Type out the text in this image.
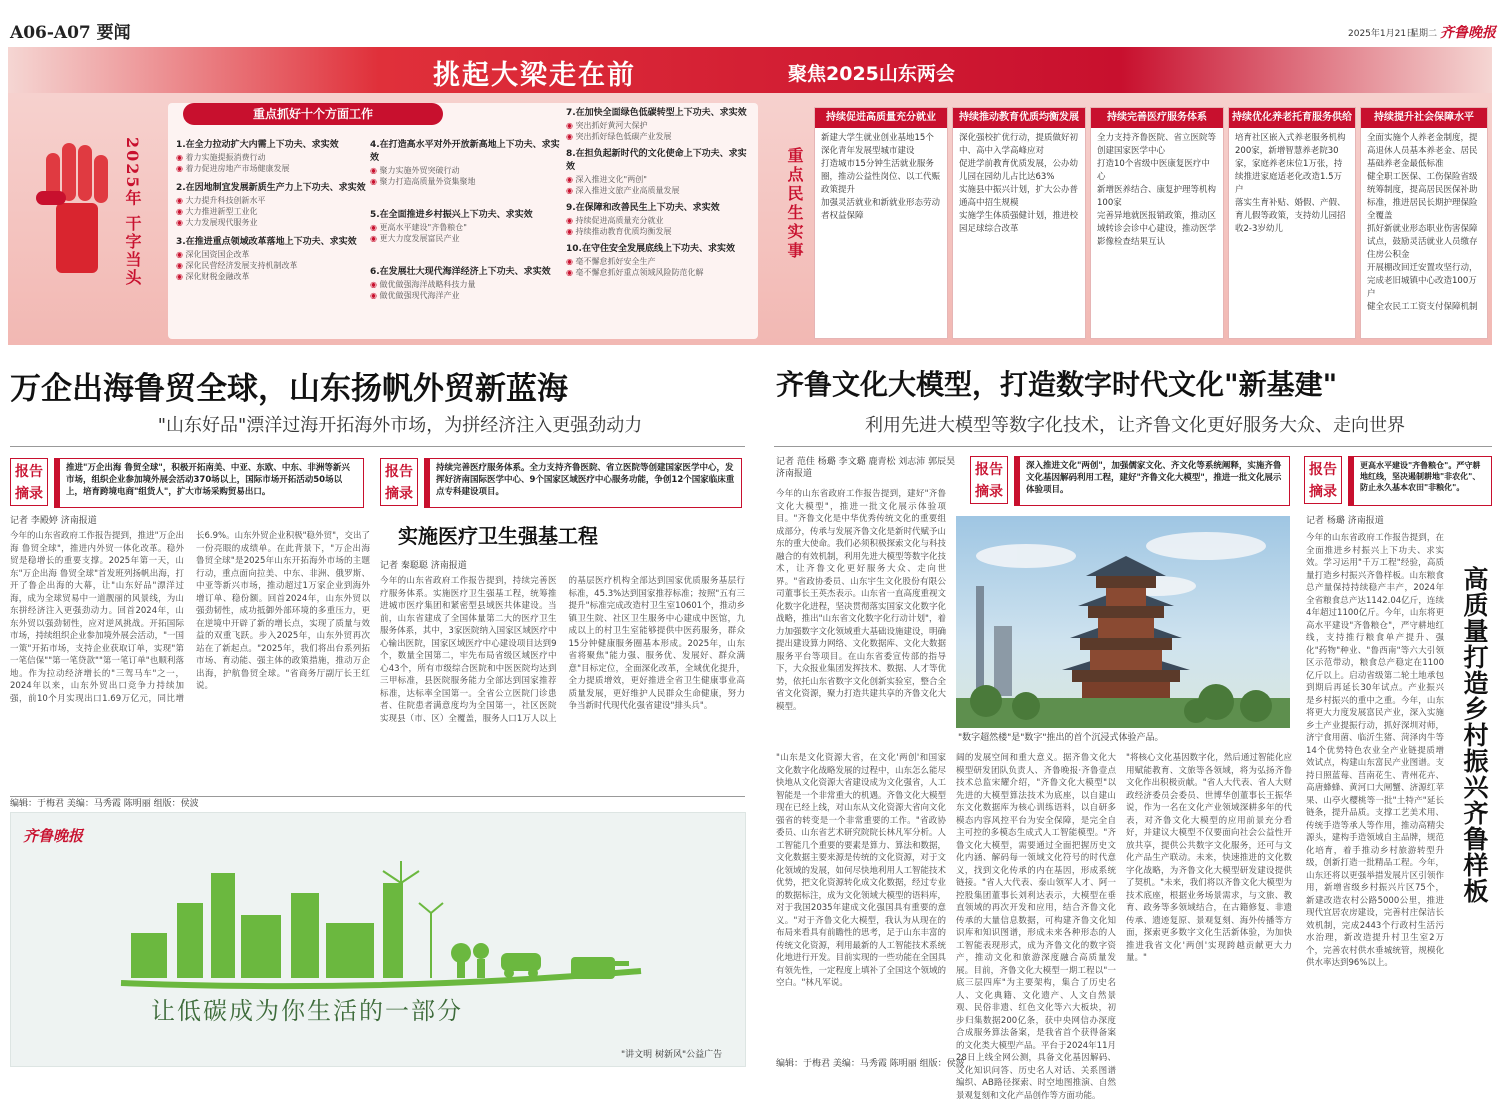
A06-A07 要闻	2025年1月21日
星期二 齐鲁晚报
挑起大梁走在前	聚焦2025山东两会
2025年 干字当头
重点抓好十个方面工作
1.在全力拉动扩大内需上下功夫、求实效
◉ 着力实施提振消费行动
◉ 着力促进房地产市场健康发展
2.在因地制宜发展新质生产力上下功夫、求实效
◉ 大力提升科技创新水平
◉ 大力推进新型工业化
◉ 大力发展现代服务业
3.在推进重点领域改革落地上下功夫、求实效
◉ 深化国资国企改革
◉ 深化民营经济发展支持机制改革
◉ 深化财税金融改革
4.在打造高水平对外开放新高地上下功夫、求实效
◉ 聚力实施外贸突破行动
◉ 聚力打造高质量外资集聚地
5.在全面推进乡村振兴上下功夫、求实效
◉ 更高水平建设"齐鲁粮仓"
◉ 更大力度发展富民产业
6.在发展壮大现代海洋经济上下功夫、求实效
◉ 做优做强海洋战略科技力量
◉ 做优做强现代海洋产业
7.在加快全面绿色低碳转型上下功夫、求实效
◉ 突出抓好黄河大保护
◉ 突出抓好绿色低碳产业发展
8.在担负起新时代的文化使命上下功夫、求实效
◉ 深入推进文化"两创"
◉ 深入推进文旅产业高质量发展
9.在保障和改善民生上下功夫、求实效
◉ 持续促进高质量充分就业
◉ 持续推动教育优质均衡发展
10.在守住安全发展底线上下功夫、求实效
◉ 毫不懈怠抓好安全生产
◉ 毫不懈怠抓好重点领域风险防范化解
重点民生实事
持续促进高质量充分就业
新建大学生就业创业基地15个
深化青年发展型城市建设
打造城市15分钟生活就业服务圈，推动公益性岗位、以工代赈政策提升
加强灵活就业和新就业形态劳动者权益保障
持续推动教育优质均衡发展
深化强校扩优行动，提质做好初中、高中入学高峰应对
促进学前教育优质发展，公办幼儿园在园幼儿占比达63%
实施县中振兴计划，扩大公办普通高中招生规模
实施学生体质强健计划，推进校园足球综合改革
持续完善医疗服务体系
全力支持齐鲁医院、省立医院等创建国家医学中心
打造10个省级中医康复医疗中心
新增医养结合、康复护理等机构100家
完善异地就医报销政策，推动区域转诊会诊中心建设，推动医学影像检查结果互认
持续优化养老托育服务供给
培育社区嵌入式养老服务机构200家，新增智慧养老院30家，家庭养老床位1万张，持续推进家庭适老化改造1.5万户
落实生育补贴、婚假、产假、育儿假等政策，支持幼儿园招收2-3岁幼儿
持续提升社会保障水平
全面实施个人养老金制度，提高退休人员基本养老金、居民基础养老金最低标准
健全职工医保、工伤保险省级统筹制度，提高居民医保补助标准，推进居民长期护理保险全覆盖
抓好新就业形态职业伤害保障试点，鼓励灵活就业人员缴存住房公积金
开展棚改回迁安置攻坚行动，完成老旧城镇中心改造100万户
健全农民工工资支付保障机制
万企出海鲁贸全球，山东扬帆外贸新蓝海
"山东好品"漂洋过海开拓海外市场，为拼经济注入更强劲动力
报告摘录
推进"万企出海 鲁贸全球"，积极开拓南美、中亚、东欧、中东、非洲等新兴市场，组织企业参加境外展会活动370场以上，国际市场开拓活动50场以上，培育跨境电商"组货人"，扩大市场采购贸易出口。
记者 李殿婷 济南报道
今年的山东省政府工作报告提到，推进"万企出海 鲁贸全球"，推进内外贸一体化改革。稳外贸是稳增长的重要支撑。2025年第一天，山东"万企出海 鲁贸全球"首发班列扬帆出海，打开了鲁企出海的大幕，让"山东好品"漂洋过海，成为全球贸易中一道靓丽的风景线，为山东拼经济注入更强劲动力。回首2024年，山东外贸以强劲韧性，应对逆风挑战。开拓国际市场，持续组织企业参加境外展会活动，"一国一策"开拓市场，支持企业获取订单，实现"第一笔信保""第一笔贷款""第一笔订单"也顺利落地。作为拉动经济增长的"三驾马车"之一，2024年以来，山东外贸出口竞争力持续加强，前10个月实现出口1.69万亿元，同比增长6.9%。山东外贸企业积极"稳外贸"，交出了一份亮眼的成绩单。在此背景下，"万企出海 鲁贸全球"是2025年山东开拓海外市场的主题行动，重点面向拉美、中东、非洲、俄罗斯、中亚等新兴市场，推动超过1万家企业到海外增订单、稳份额。回首2024年，山东外贸以强劲韧性，成功抵御外部环境的多重压力，更在逆境中开辟了新的增长点，实现了质量与效益的双重飞跃。步入2025年，山东外贸再次站在了新起点。"2025年，我们将出台系列拓市场、育动能、强主体的政策措施，推动万企出海，护航鲁贸全球。"省商务厅副厅长王红说。
报告摘录
持续完善医疗服务体系。全力支持齐鲁医院、省立医院等创建国家医学中心，发挥好济南国际医学中心、9个国家区域医疗中心服务功能，争创12个国家临床重点专科建设项目。
实施医疗卫生强基工程
记者 秦聪聪 济南报道
今年的山东省政府工作报告提到，持续完善医疗服务体系。实施医疗卫生强基工程，统筹推进城市医疗集团和紧密型县域医共体建设。当前，山东省建成了全国体量第二大的医疗卫生服务体系，其中，3家医院纳入国家区域医疗中心输出医院，国家区域医疗中心建设项目达到9个，数量全国第二，牢先布局省级区域医疗中心43个，所有市级综合医院和中医医院均达到三甲标准，县医院服务能力全部达到国家推荐标准，达标率全国第一。全省公立医院门诊患者、住院患者满意度均为全国第一，社区医院实现县（市、区）全覆盖，服务人口1万人以上的基层医疗机构全部达到国家优质服务基层行标准，45.3%达到国家推荐标准；按照"五有三提升"标准完成改造村卫生室10601个，推动乡镇卫生院、社区卫生服务中心建成中医馆，九成以上的村卫生室能够提供中医药服务，群众15分钟健康服务圈基本形成。2025年，山东省将聚焦"能力强、服务优、发展好、群众满意"目标定位，全面深化改革，全域优化提升，全力提质增效，更好推进全省卫生健康事业高质量发展，更好维护人民群众生命健康，努力争当新时代现代化强省建设"排头兵"。
编辑：于梅君 美编：马秀霞 陈明丽 组版：侯波
齐鲁晚报
让低碳成为你生活的一部分
"讲文明 树新风"公益广告
齐鲁文化大模型，打造数字时代文化"新基建"
利用先进大模型等数字化技术，让齐鲁文化更好服务大众、走向世界
记者 范佳 杨璐 李文璐 鹿青松 刘志沛 郭辰昊 济南报道
今年的山东省政府工作报告提到，建好"齐鲁文化大模型"，推进一批文化展示体验项目。"齐鲁文化是中华优秀传统文化的重要组成部分，传承与发展齐鲁文化是新时代赋予山东的重大使命。我们必须积极探索文化与科技融合的有效机制，利用先进大模型等数字化技术，让齐鲁文化更好服务大众、走向世界。"省政协委员、山东宇生文化股份有限公司董事长王英杰表示。山东省一直高度重视文化数字化进程，坚决贯彻落实国家文化数字化战略，推出"山东省文化数字化行动计划"，着力加强数字文化领域重大基础设施建设，明确提出建设算力网络、文化数据库、文化大数据服务平台等项目。在山东省委宣传部的指导下，大众报业集团发挥技术、数据、人才等优势，依托山东省数字文化创新实验室，整合全省文化资源，聚力打造共建共享的齐鲁文化大模型。
报告摘录
深入推进文化"两创"，加强儒家文化、齐文化等系统阐释，实施齐鲁文化基因解码利用工程，建好"齐鲁文化大模型"，推进一批文化展示体验项目。
"数字超然楼"是"数字"推出的首个沉浸式体验产品。
"山东是文化资源大省，在文化'两创'和国家文化数字化战略发展的过程中，山东怎么能尽快地从文化资源大省建设成为文化强省，人工智能是一个非常重大的机遇。齐鲁文化大模型现在已经上线，对山东从文化资源大省向文化强省的转变是一个非常重要的工作。"省政协委员、山东省艺术研究院院长林凡军分析。人工智能几个重要的要素是算力、算法和数据，文化数据主要来源是传统的文化资源，对于文化领域的发展，如何尽快地利用人工智能技术优势，把文化资源转化成文化数据，经过专业的数据标注，成为文化领域大模型的语料库，对于我国2035年建成文化强国具有重要的意义。"对于齐鲁文化大模型，我认为从现在的布局来看具有前瞻性的思考，足于山东丰富的传统文化资源，利用最新的人工智能技术系统化地进行开发。目前实现的一些功能在全国具有领先性，一定程度上填补了全国这个领域的空白。"林凡军说。
阔的发展空间和重大意义。据齐鲁文化大模型研发团队负责人、齐鲁晚报·齐鲁壹点技术总监宋耀介绍，"齐鲁文化大模型"以先进的大模型算法技术为底座，以自建山东文化数据库为核心训练语料，以自研多模态内容风控平台为安全保障，是完全自主可控的多模态生成式人工智能模型。"齐鲁文化大模型，需要通过全面把握历史文化内涵、解码每一领域文化符号的时代意义，找到文化传承的内在基因，形成系统链接。"省人大代表、泰山领军人才、阿一控股集团董事长刘利达表示，大模型在垂直领域的再次开发和应用，结合齐鲁文化传承的大量信息数据，可构建齐鲁文化知识库和知识图谱，形成未来各种形态的人工智能表现形式，成为齐鲁文化的数字资产，推动文化和旅游深度融合高质量发展。目前，齐鲁文化大模型一期工程以"一底三层四库"为主要架构，集合了历史名人、文化典籍、文化遗产、人文自然景观、民俗非遗、红色文化等六大板块，初步归集数据200亿条，获中央网信办深度合成服务算法备案，是我省首个获得备案的文化类大模型产品。平台于2024年11月28日上线全网公测，具备文化基因解码、文化知识问答、历史名人对话、关系图谱编织、AB路径探索、时空地图推演、自然景观复刻和文化产品创作等方面功能。
"将核心文化基因数字化，然后通过智能化应用赋能教育、文旅等各领域，将为弘扬齐鲁文化作出积极贡献。"省人大代表、省人大财政经济委员会委员、世博华创董事长王振华说，作为一名在文化产业领域深耕多年的代表，对齐鲁文化大模型的应用前景充分看好，并建议大模型不仅要面向社会公益性开放共享，提供公共数字文化服务，还可与文化产品生产联动。未来，快速推进的文化数字化战略，为齐鲁文化大模型研发建设提供了契机。"未来，我们将以齐鲁文化大模型为技术底座，根据业务场景需求，与文旅、教育、政务等多领域结合，在古籍修复、非遗传承、遗迹复原、景观复刻、海外传播等方面，探索更多数字文化生活新体验，为加快推进我省文化'两创'实现跨越贡献更大力量。"
编辑：于梅君 美编：马秀霞 陈明丽 组版：侯波
报告摘录
更高水平建设"齐鲁粮仓"。严守耕地红线，坚决遏制耕地"非农化"、防止永久基本农田"非粮化"。
记者 杨璐 济南报道
今年的山东省政府工作报告提到，在全面推进乡村振兴上下功夫、求实效。学习运用"千万工程"经验，高质量打造乡村振兴齐鲁样板。山东粮食总产量保持持续稳产丰产，2024年全省粮食总产达1142.04亿斤，连续4年超过1100亿斤。今年，山东将更高水平建设"齐鲁粮仓"，严守耕地红线，支持推行粮食单产提升、强化"药物"种业、"鲁西南"等六大引领区示范带动，粮食总产稳定在1100亿斤以上。启动省级第二轮土地承包到期后再延长30年试点。产业振兴是乡村振兴的重中之重。今年，山东将更大力度发展富民产业，深入实施乡土产业提振行动，抓好深圳对师，济宁食用菌、临沂生猪、菏泽肉牛等14个优势特色农业全产业链提质增效试点，构建山东富民产业图谱。支持日照蓝莓、莒南花生、青州花卉、高唐蜂蜂、黄河口大闸蟹、济源红苹果、山亭火樱桃等一批"土特产"延长链条，提升品质。支撑工艺美术用、传统手造等承人等作用，推动高精尖源头，建构手造领域自主品牌，规范化培育，着手推动乡村旅游转型升级，创新打造一批精品工程。今年，山东还将以更强举措发展片区引领作用，新增省级乡村振兴片区75个，新建改造农村公路5000公里，推进现代宜居农房建设，完善村庄保洁长效机制，完成2443个行政村生活污水治理，新改造提升村卫生室2万个，完善农村供水垂城统管，规模化供水率达到96%以上。
高质量打造乡村振兴齐鲁样板
